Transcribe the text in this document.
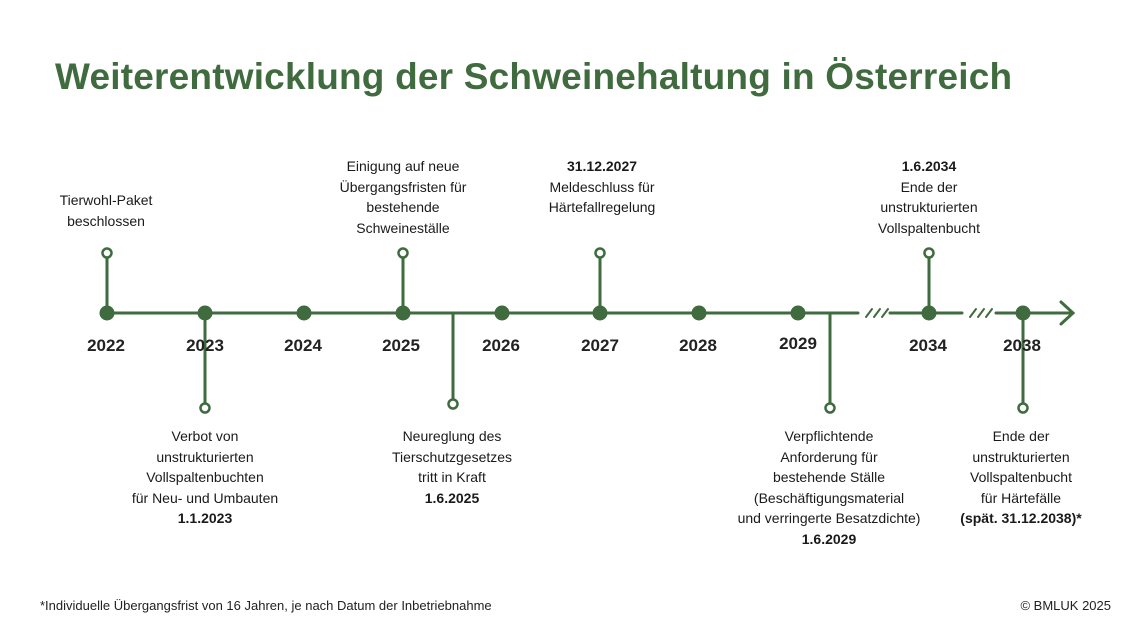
Weiterentwicklung der Schweinehaltung in Österreich
2022	2023	2024	2025	2026	2027	2028	2029	2034	2038
Tierwohl-Paket
beschlossen
Verbot von
unstrukturierten
Vollspaltenbuchten
für Neu- und Umbauten
1.1.2023
Einigung auf neue
Übergangsfristen für
bestehende
Schweineställe
Neureglung des
Tierschutzgesetzes
tritt in Kraft
1.6.2025
31.12.2027
Meldeschluss für
Härtefallregelung
Verpflichtende
Anforderung für
bestehende Ställe
(Beschäftigungsmaterial
und verringerte Besatzdichte)
1.6.2029
1.6.2034
Ende der
unstrukturierten
Vollspaltenbucht
Ende der
unstrukturierten
Vollspaltenbucht
für Härtefälle
(spät. 31.12.2038)*
*Individuelle Übergangsfrist von 16 Jahren, je nach Datum der Inbetriebnahme	© BMLUK 2025
